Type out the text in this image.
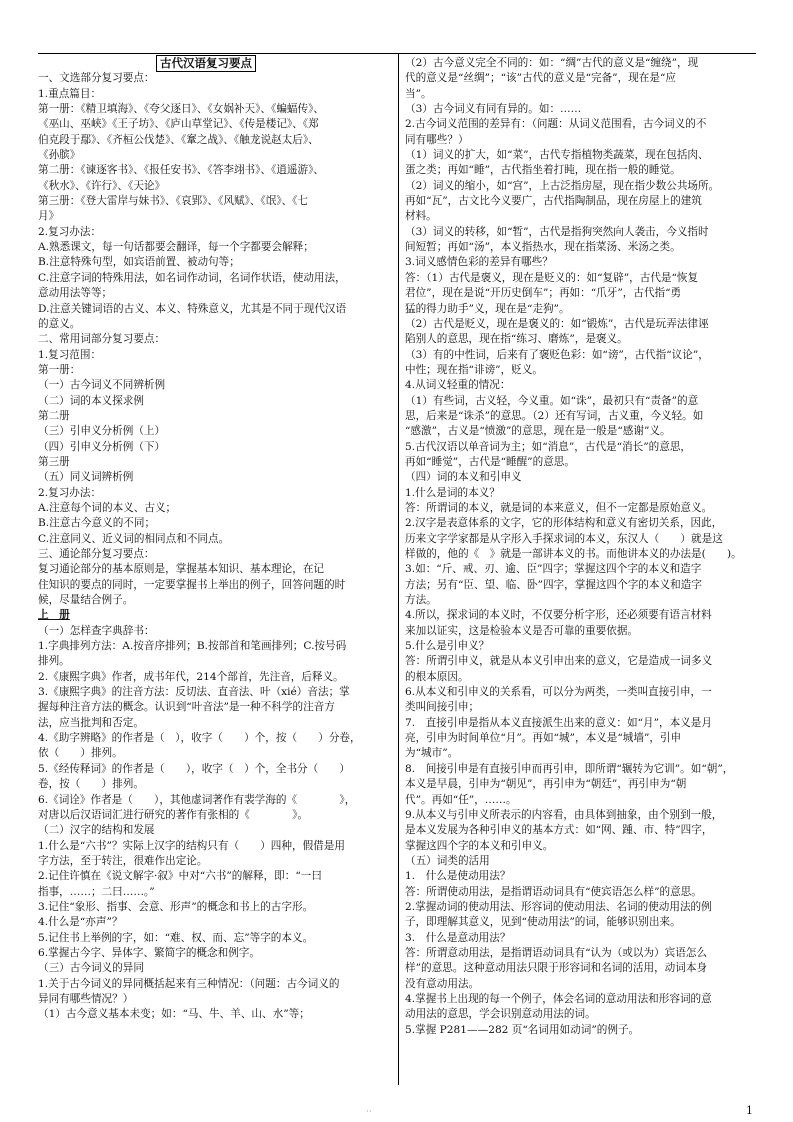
一、文选部分复习要点：

1.重点篇目：

第一册：《精卫填海》、《夸父逐日》、《女娲补天》、《蝙蝠传》、

《巫山、巫峡》《王子坊》、《庐山草堂记》、《传是楼记》、《郑

伯克段于鄢》、《齐桓公伐楚》、《鞌之战》、《触龙说赵太后》、

《孙膑》

第二册：《谏逐客书》、《报任安书》、《答李翊书》、《逍遥游》、

《秋水》、《许行》、《天论》

第三册：《登大雷岸与妹书》、《哀郢》、《风赋》、《氓》、《七

月》

2.复习办法：

A.熟悉课文，每一句话都要会翻译，每一个字都要会解释；

B.注意特殊句型，如宾语前置、被动句等；

C.注意字词的特殊用法，如名词作动词，名词作状语，使动用法，

意动用法等等；

D.注意关键词语的古义、本义、特殊意义，尤其是不同于现代汉语

的意义。

二、常用词部分复习要点：

1.复习范围：

第一册：

（一）古今词义不同辨析例

（二）词的本义探求例

第二册

（三）引申义分析例（上）

（四）引申义分析例（下）

第三册

（五）同义词辨析例

2.复习办法：

A.注意每个词的本义、古义；

B.注意古今意义的不同；

C.注意同义、近义词的相同点和不同点。

三、通论部分复习要点：

复习通论部分的基本原则是，掌握基本知识、基本理论，在记

住知识的要点的同时，一定要掌握书上举出的例子，回答问题的时

候，尽量结合例子。

上　册

（一）怎样查字典辞书：

1.字典排列方法：A.按音序排列；B.按部首和笔画排列；C.按号码

排列。

2.《康熙字典》作者，成书年代，214个部首，先注音，后释义。

3.《康熙字典》的注音方法：反切法、直音法、叶（xié）音法；掌

握每种注音方法的概念。认识到“叶音法”是一种不科学的注音方

法，应当批判和否定。

4.《助字辨略》的作者是（　），收字（　　）个，按（　　）分卷，

依（　　）排列。

5.《经传释词》的作者是（　　），收字（　）个，全书分（　　）

卷，按（　　）排列。

6.《词诠》作者是（　　），其他虚词著作有裴学海的《　　　　》，

对唐以后汉语词汇进行研究的著作有张相的《　　　　》。

（二）汉字的结构和发展

1.什么是“六书”？实际上汉字的结构只有（　　）四种，假借是用

字方法，至于转注，很难作出定论。

2.记住许慎在《说文解字·叙》中对“六书”的解释，即：“一曰

指事，……；二曰……。”

3.记住“象形、指事、会意、形声”的概念和书上的古字形。

4.什么是“亦声”？

5.记住书上举例的字，如：“难、权、而、忘”等字的本义。

6.掌握古今字、异体字、繁简字的概念和例字。

（三）古今词义的异同

1.关于古今词义的异同概括起来有三种情况：（问题：古今词义的

异同有哪些情况？）

（1）古今意义基本未变；如：“马、牛、羊、山、水”等；

（2）古今意义完全不同的：如：“绸”古代的意义是“缠绕”，现

代的意义是“丝绸”；“该”古代的意义是“完备”，现在是“应

当”。

（3）古今词义有同有异的。如：……

2.古今词义范围的差异有：（问题：从词义范围看，古今词义的不

同有哪些？）

（1）词义的扩大，如“菜”，古代专指植物类蔬菜，现在包括肉、

蛋之类；再如“睡”，古代指坐着打盹，现在指一般的睡觉。

（2）词义的缩小，如“宫”，上古泛指房屋，现在指少数公共场所。

再如“瓦”，古文比今义要广，古代指陶制品，现在房屋上的建筑

材料。

（3）词义的转移，如“暂”，古代是指狗突然向人袭击，今义指时

间短暂；再如“汤”，本义指热水，现在指菜汤、米汤之类。

3.词义感情色彩的差异有哪些？

答：（1）古代是褒义，现在是贬义的：如“复辟”，古代是“恢复

君位”，现在是说“开历史倒车”；再如：“爪牙”，古代指“勇

猛的得力助手”义，现在是“走狗”。

（2）古代是贬义，现在是褒义的：如“锻炼”，古代是玩弄法律诬

陷别人的意思，现在指“练习、磨炼”，是褒义。

（3）有的中性词，后来有了褒贬色彩：如“谤”，古代指“议论”，

中性；现在指“诽谤”，贬义。

4.从词义轻重的情况：

（1）有些词，古义轻，今义重。如“诛”，最初只有“责备”的意

思，后来是“诛杀”的意思。（2）还有写词，古义重，今义轻。如

“感激”，古义是“愤激”的意思，现在是一般是“感谢”义。

5.古代汉语以单音词为主；如“消息”，古代是“消长”的意思，

再如“睡觉”，古代是“睡醒”的意思。

（四）词的本义和引申义

1.什么是词的本义？

答：所谓词的本义，就是词的本来意义，但不一定都是原始意义。

2.汉字是表意体系的文字，它的形体结构和意义有密切关系，因此，

历来文字学家都是从字形入手探求词的本义，东汉人（　　）就是这

样做的，他的《　》就是一部讲本义的书。而他讲本义的办法是(　　)。

3.如：“斤、戒、刃、逾、臣”四字；掌握这四个字的本义和造字

方法；另有“臣、望、临、卧”四字，掌握这四个字的本义和造字

方法。

4.所以，探求词的本义时，不仅要分析字形，还必须要有语言材料

来加以证实，这是检验本义是否可靠的重要依据。

5.什么是引申义？

答：所谓引申义，就是从本义引申出来的意义，它是造成一词多义

的根本原因。

6.从本义和引申义的关系看，可以分为两类，一类叫直接引申，一

类叫间接引申；

7.　直接引申是指从本义直接派生出来的意义：如“月”，本义是月

亮，引申为时间单位“月”。再如“城”，本义是“城墙”，引申

为“城市”。

8.　间接引申是有直接引申而再引申，即所谓“辗转为它训”。如“朝”，

本义是早晨，引申为“朝见”，再引申为“朝廷”，再引申为“朝

代”。再如“任”，……。

9.从本义与引申义所表示的内容看，由具体到抽象，由个别到一般，

是本义发展为各种引申义的基本方式：如“网、踵、市、特”四字，

掌握这四个字的本义和引申义。

（五）词类的活用

1.　什么是使动用法？

答：所谓使动用法，是指谓语动词具有“使宾语怎么样”的意思。

2.掌握动词的使动用法、形容词的使动用法、名词的使动用法的例

子，即理解其意义，见到“使动用法”的词，能够识别出来。

3.　什么是意动用法？

答：所谓意动用法，是指谓语动词具有“认为（或以为）宾语怎么

样”的意思。这种意动用法只限于形容词和名词的活用，动词本身

没有意动用法。

4.掌握书上出现的每一个例子，体会名词的意动用法和形容词的意

动用法的意思，学会识别意动用法的词。

5.掌握 P281——282 页“名词用如动词”的例子。

古代汉语复习要点
··	1
